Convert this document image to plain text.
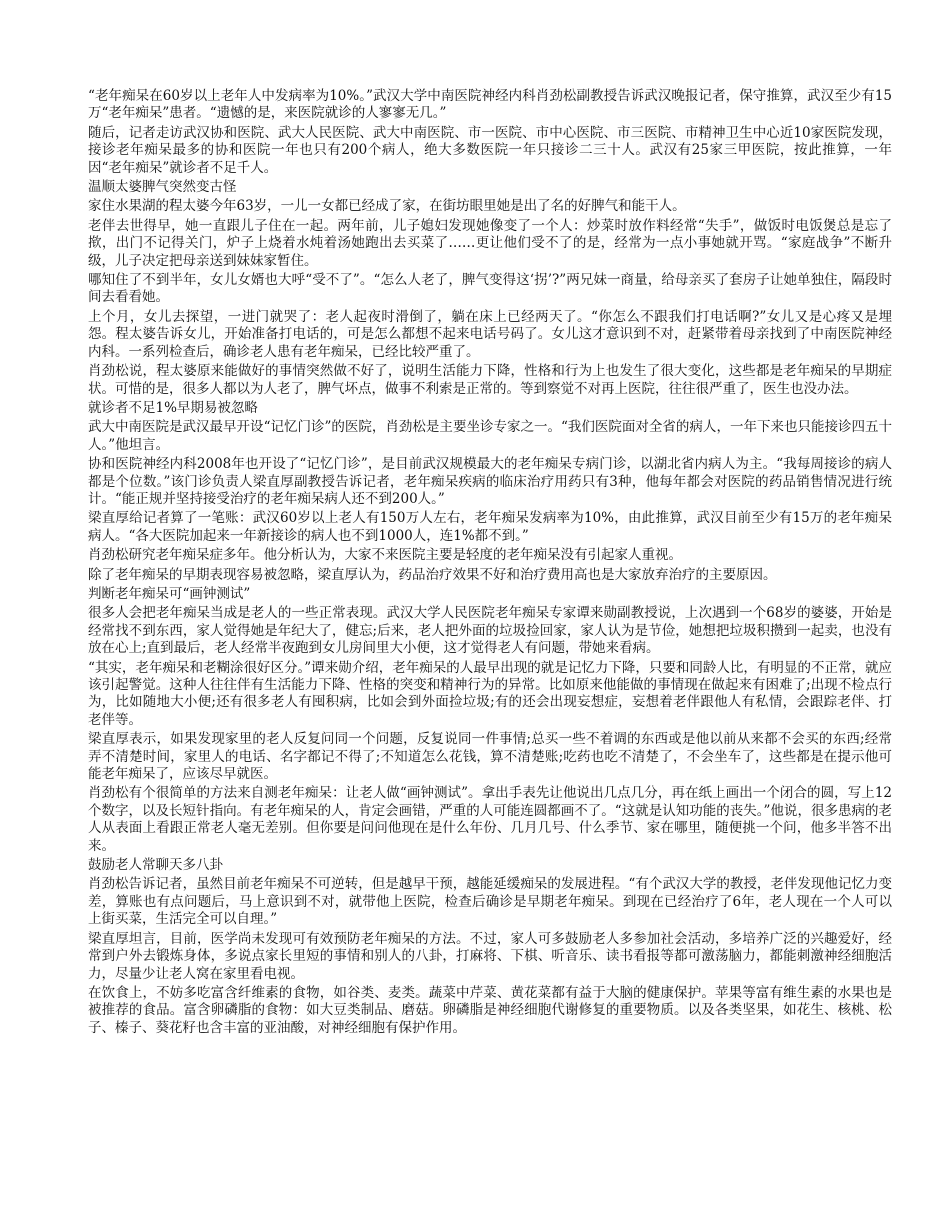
“老年痴呆在60岁以上老年人中发病率为10%。”武汉大学中南医院神经内科肖劲松副教授告诉武汉晚报记者，保守推算，武汉至少有15万“老年痴呆”患者。“遗憾的是，来医院就诊的人寥寥无几。”

随后，记者走访武汉协和医院、武大人民医院、武大中南医院、市一医院、市中心医院、市三医院、市精神卫生中心近10家医院发现，接诊老年痴呆最多的协和医院一年也只有200个病人，绝大多数医院一年只接诊二三十人。武汉有25家三甲医院，按此推算，一年因“老年痴呆”就诊者不足千人。

温顺太婆脾气突然变古怪

家住水果湖的程太婆今年63岁，一儿一女都已经成了家，在街坊眼里她是出了名的好脾气和能干人。

老伴去世得早，她一直跟儿子住在一起。两年前，儿子媳妇发现她像变了一个人：炒菜时放作料经常“失手”，做饭时电饭煲总是忘了揿，出门不记得关门，炉子上烧着水炖着汤她跑出去买菜了……更让他们受不了的是，经常为一点小事她就开骂。“家庭战争”不断升级，儿子决定把母亲送到妹妹家暂住。

哪知住了不到半年，女儿女婿也大呼“受不了”。“怎么人老了，脾气变得这‘拐’?”两兄妹一商量，给母亲买了套房子让她单独住，隔段时间去看看她。

上个月，女儿去探望，一进门就哭了：老人起夜时滑倒了，躺在床上已经两天了。“你怎么不跟我们打电话啊?”女儿又是心疼又是埋怨。程太婆告诉女儿，开始准备打电话的，可是怎么都想不起来电话号码了。女儿这才意识到不对，赶紧带着母亲找到了中南医院神经内科。一系列检查后，确诊老人患有老年痴呆，已经比较严重了。

肖劲松说，程太婆原来能做好的事情突然做不好了，说明生活能力下降，性格和行为上也发生了很大变化，这些都是老年痴呆的早期症状。可惜的是，很多人都以为人老了，脾气坏点，做事不利索是正常的。等到察觉不对再上医院，往往很严重了，医生也没办法。

就诊者不足1%早期易被忽略

武大中南医院是武汉最早开设“记忆门诊”的医院，肖劲松是主要坐诊专家之一。“我们医院面对全省的病人，一年下来也只能接诊四五十人。”他坦言。

协和医院神经内科2008年也开设了“记忆门诊”，是目前武汉规模最大的老年痴呆专病门诊，以湖北省内病人为主。“我每周接诊的病人都是个位数。”该门诊负责人梁直厚副教授告诉记者，老年痴呆疾病的临床治疗用药只有3种，他每年都会对医院的药品销售情况进行统计。“能正规并坚持接受治疗的老年痴呆病人还不到200人。”

梁直厚给记者算了一笔账：武汉60岁以上老人有150万人左右，老年痴呆发病率为10%，由此推算，武汉目前至少有15万的老年痴呆病人。“各大医院加起来一年新接诊的病人也不到1000人，连1%都不到。”

肖劲松研究老年痴呆症多年。他分析认为，大家不来医院主要是轻度的老年痴呆没有引起家人重视。

除了老年痴呆的早期表现容易被忽略，梁直厚认为，药品治疗效果不好和治疗费用高也是大家放弃治疗的主要原因。

判断老年痴呆可“画钟测试”

很多人会把老年痴呆当成是老人的一些正常表现。武汉大学人民医院老年痴呆专家谭来勋副教授说，上次遇到一个68岁的婆婆，开始是经常找不到东西，家人觉得她是年纪大了，健忘;后来，老人把外面的垃圾捡回家，家人认为是节俭，她想把垃圾积攒到一起卖，也没有放在心上;直到最后，老人经常半夜跑到女儿房间里大小便，这才觉得老人有问题，带她来看病。

“其实，老年痴呆和老糊涂很好区分。”谭来勋介绍，老年痴呆的人最早出现的就是记忆力下降，只要和同龄人比，有明显的不正常，就应该引起警觉。这种人往往伴有生活能力下降、性格的突变和精神行为的异常。比如原来他能做的事情现在做起来有困难了;出现不检点行为，比如随地大小便;还有很多老人有囤积病，比如会到外面捡垃圾;有的还会出现妄想症，妄想着老伴跟他人有私情，会跟踪老伴、打老伴等。

梁直厚表示，如果发现家里的老人反复问同一个问题，反复说同一件事情;总买一些不着调的东西或是他以前从来都不会买的东西;经常弄不清楚时间，家里人的电话、名字都记不得了;不知道怎么花钱，算不清楚账;吃药也吃不清楚了，不会坐车了，这些都是在提示他可能老年痴呆了，应该尽早就医。

肖劲松有个很简单的方法来自测老年痴呆：让老人做“画钟测试”。拿出手表先让他说出几点几分，再在纸上画出一个闭合的圆，写上12个数字，以及长短针指向。有老年痴呆的人，肯定会画错，严重的人可能连圆都画不了。“这就是认知功能的丧失。”他说，很多患病的老人从表面上看跟正常老人毫无差别。但你要是问问他现在是什么年份、几月几号、什么季节、家在哪里，随便挑一个问，他多半答不出来。

鼓励老人常聊天多八卦

肖劲松告诉记者，虽然目前老年痴呆不可逆转，但是越早干预，越能延缓痴呆的发展进程。“有个武汉大学的教授，老伴发现他记忆力变差，算账也有点问题后，马上意识到不对，就带他上医院，检查后确诊是早期老年痴呆。到现在已经治疗了6年，老人现在一个人可以上街买菜，生活完全可以自理。”

梁直厚坦言，目前，医学尚未发现可有效预防老年痴呆的方法。不过，家人可多鼓励老人多参加社会活动，多培养广泛的兴趣爱好，经常到户外去锻炼身体，多说点家长里短的事情和别人的八卦，打麻将、下棋、听音乐、读书看报等都可激荡脑力，都能刺激神经细胞活力，尽量少让老人窝在家里看电视。

在饮食上，不妨多吃富含纤维素的食物，如谷类、麦类。蔬菜中芹菜、黄花菜都有益于大脑的健康保护。苹果等富有维生素的水果也是被推荐的食品。富含卵磷脂的食物：如大豆类制品、磨菇。卵磷脂是神经细胞代谢修复的重要物质。以及各类坚果，如花生、核桃、松子、榛子、葵花籽也含丰富的亚油酸，对神经细胞有保护作用。
